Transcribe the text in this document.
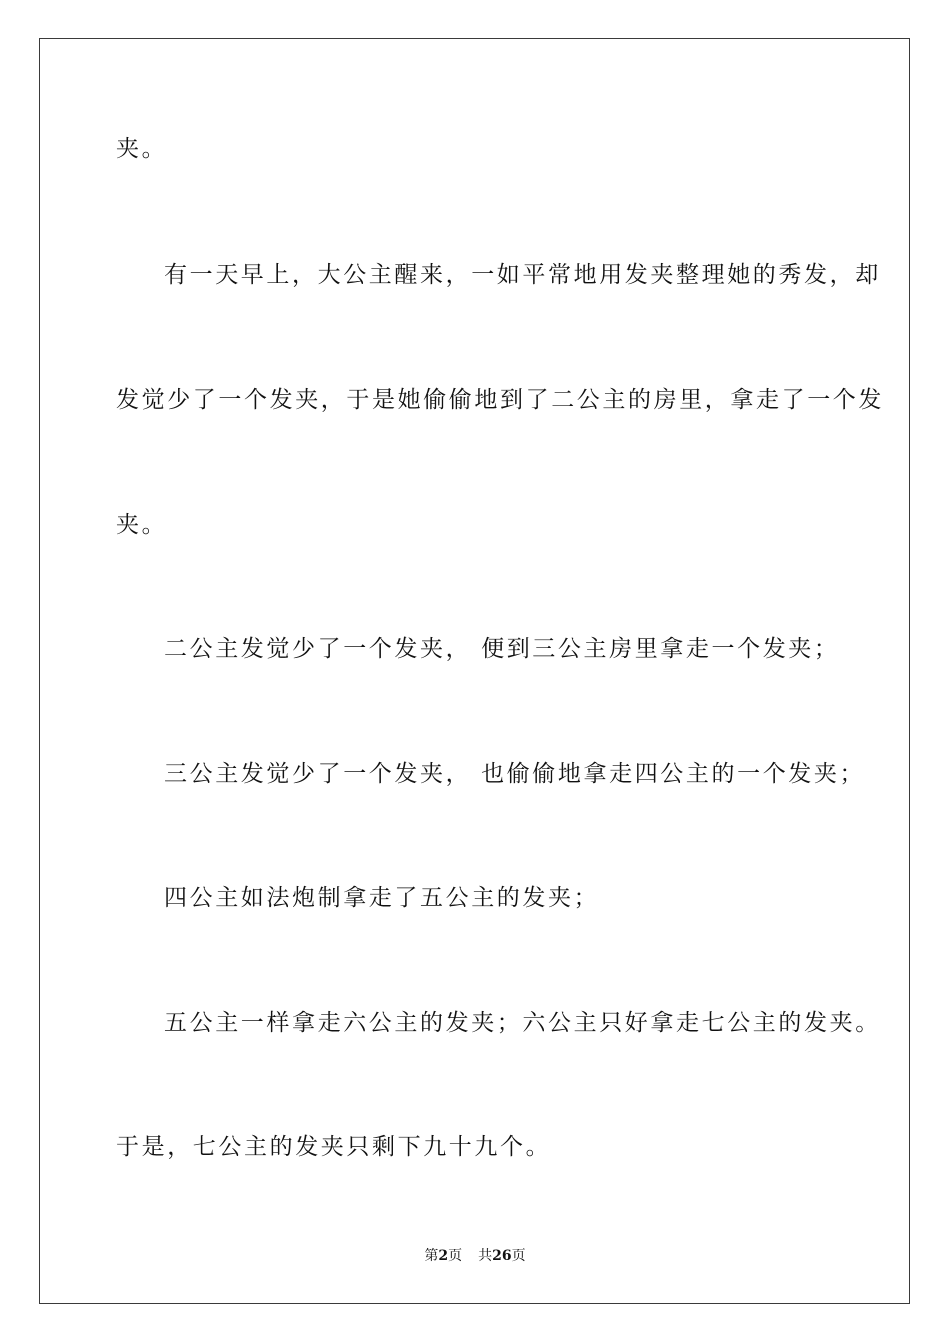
夹。
有一天早上，大公主醒来，一如平常地用发夹整理她的秀发，却
发觉少了一个发夹，于是她偷偷地到了二公主的房里，拿走了一个发
夹。
二公主发觉少了一个发夹， 便到三公主房里拿走一个发夹；
三公主发觉少了一个发夹， 也偷偷地拿走四公主的一个发夹；
四公主如法炮制拿走了五公主的发夹；
五公主一样拿走六公主的发夹；六公主只好拿走七公主的发夹。
于是，七公主的发夹只剩下九十九个。
第2页 共26页
